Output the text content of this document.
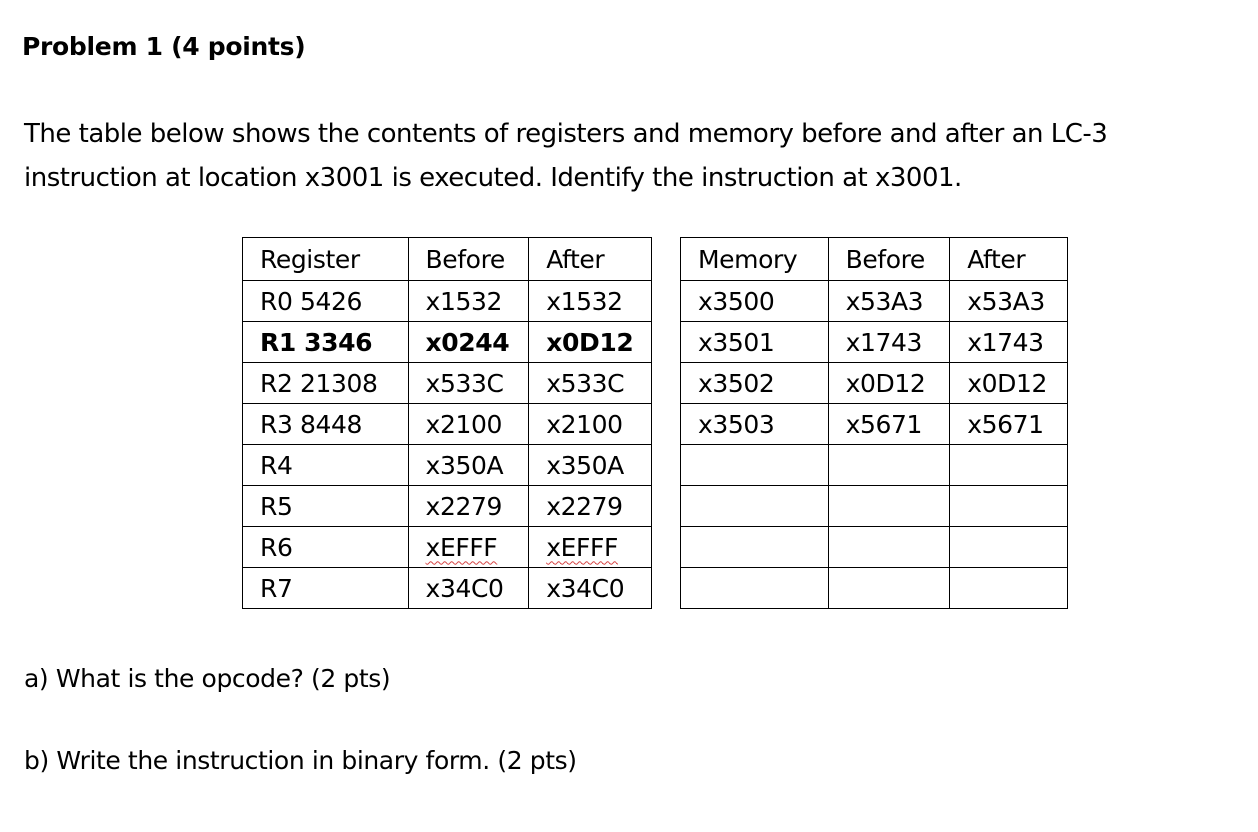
Problem 1 (4 points)
The table below shows the contents of registers and memory before and after an LC-3
instruction at location x3001 is executed. Identify the instruction at x3001.
Register	Before	After
R0 5426	x1532	x1532
R1 3346	x0244	x0D12
R2 21308	x533C	x533C
R3 8448	x2100	x2100
R4	x350A	x350A
R5	x2279	x2279
R6	xEFFF	xEFFF
R7	x34C0	x34C0
Memory	Before	After
x3500	x53A3	x53A3
x3501	x1743	x1743
x3502	x0D12	x0D12
x3503	x5671	x5671

a) What is the opcode? (2 pts)
b) Write the instruction in binary form. (2 pts)
